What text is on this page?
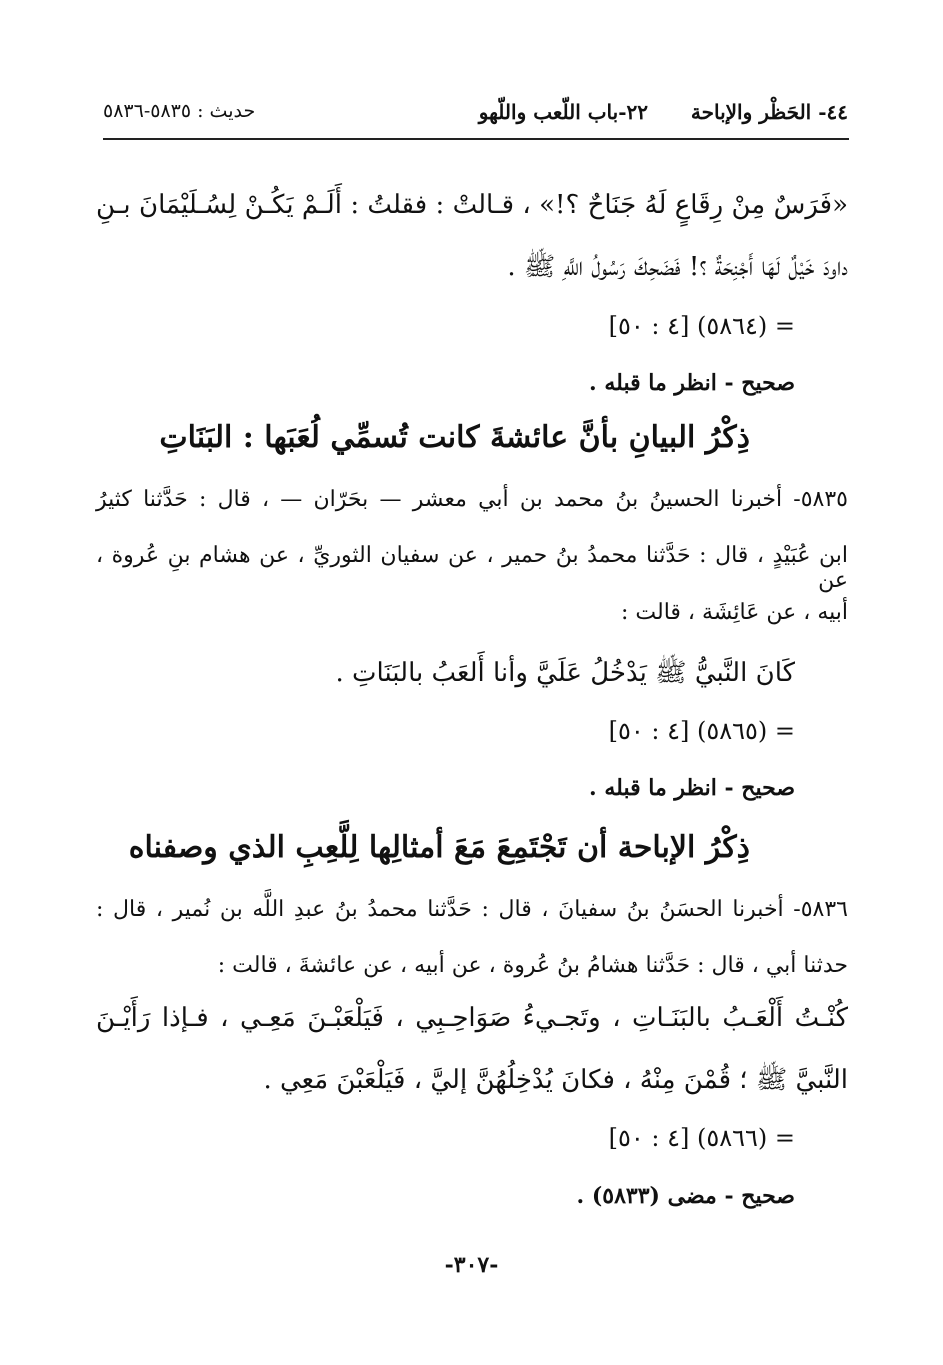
٤٤- الحَظْر والإباحة
٢٢-باب اللّعب واللّهو
حديث : ٥٨٣٥-٥٨٣٦
«فَرَسٌ مِنْ رِقَاعٍ لَهُ جَنَاحٌ ؟!» ، قـالتْ : فقلتُ : أَلَـمْ يَكُـنْ لِسُـلَيْمَانَ بـنِ
داودَ خَيْلٌ لَهَا أَجْنِحَةٌ ؟! فَضَحِكَ رَسُولُ اللَّهِ ﷺ .
= (٥٨٦٤) [٤ : ٥٠]
صحيح - انظر ما قبله .
ذِكْرُ البيانِ بأنَّ عائشةَ كانت تُسمِّي لُعَبَها : البَنَاتِ
٥٨٣٥- أخبرنا الحسينُ بنُ محمد بن أبي معشر — بحَرّان — ، قال : حَدَّثنا كثيرُ
ابن عُبَيْدٍ ، قال : حَدَّثنا محمدُ بنُ حمير ، عن سفيان الثوريِّ ، عن هشام بنِ عُروة ، عن
أبيه ، عن عَائِشَة ، قالت :
كَانَ النَّبيُّ ﷺ يَدْخُلُ عَلَيَّ وأنا أَلعَبُ بالبَنَاتِ .
= (٥٨٦٥) [٤ : ٥٠]
صحيح - انظر ما قبله .
ذِكْرُ الإباحة أن تَجْتَمِعَ مَعَ أمثالِها لِلَّعِبِ الذي وصفناه
٥٨٣٦- أخبرنا الحسَنُ بنُ سفيانَ ، قال : حَدَّثنا محمدُ بنُ عبدِ اللَّه بن نُمير ، قال :
حدثنا أبي ، قال : حَدَّثنا هشامُ بنُ عُروة ، عن أبيه ، عن عائشةَ ، قالت :
كُنْـتُ أَلْعَـبُ بالبَنَـاتِ ، وتَجـيءُ صَوَاحِـبِي ، فَيَلْعَبْـنَ مَعِـي ، فـإذا رَأَيْـنَ
النَّبيَّ ﷺ ؛ قُمْنَ مِنْهُ ، فكانَ يُدْخِلُهُنَّ إليَّ ، فَيَلْعَبْنَ مَعِي .
= (٥٨٦٦) [٤ : ٥٠]
صحيح - مضى (٥٨٣٣) .
-٣٠٧-
